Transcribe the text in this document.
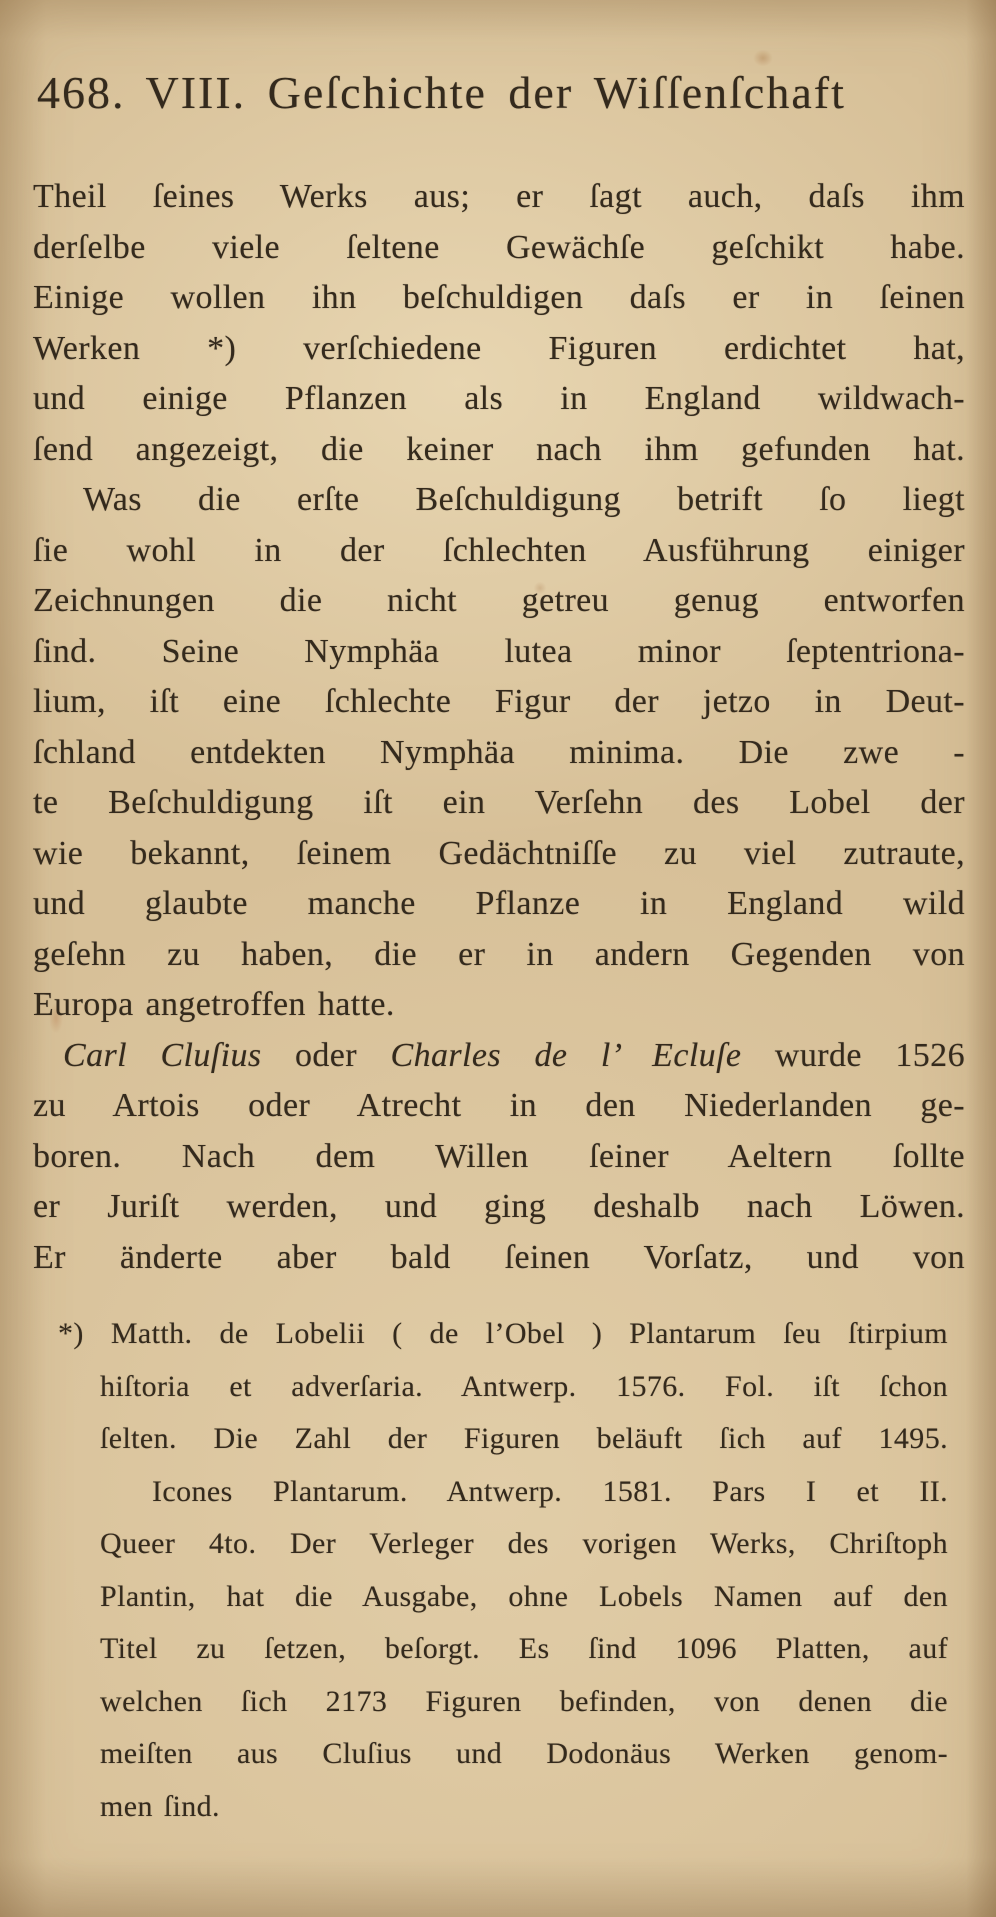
468. VIII. Geſchichte der Wiſſenſchaft
Theil ſeines Werks aus; er ſagt auch, daſs ihm
derſelbe viele ſeltene Gewächſe geſchikt habe.
Einige wollen ihn beſchuldigen daſs er in ſeinen
Werken *) verſchiedene Figuren erdichtet hat,
und einige Pflanzen als in England wildwach-
ſend angezeigt, die keiner nach ihm gefunden hat.
Was die erſte Beſchuldigung betrift ſo liegt
ſie wohl in der ſchlechten Ausführung einiger
Zeichnungen die nicht getreu genug entworfen
ſind. Seine Nymphäa lutea minor ſeptentriona-
lium, iſt eine ſchlechte Figur der jetzo in Deut-
ſchland entdekten Nymphäa minima. Die zwe -
te Beſchuldigung iſt ein Verſehn des Lobel der
wie bekannt, ſeinem Gedächtniſſe zu viel zutraute,
und glaubte manche Pflanze in England wild
geſehn zu haben, die er in andern Gegenden von
Europa angetroffen hatte.
Carl Cluſius oder Charles de l’ Ecluſe wurde 1526
zu Artois oder Atrecht in den Niederlanden ge-
boren. Nach dem Willen ſeiner Aeltern ſollte
er Juriſt werden, und ging deshalb nach Löwen.
Er änderte aber bald ſeinen Vorſatz, und von
*) Matth. de Lobelii ( de l’Obel ) Plantarum ſeu ſtirpium
hiſtoria et adverſaria. Antwerp. 1576. Fol. iſt ſchon
ſelten. Die Zahl der Figuren beläuft ſich auf 1495.
Icones Plantarum. Antwerp. 1581. Pars I et II.
Queer 4to. Der Verleger des vorigen Werks, Chriſtoph
Plantin, hat die Ausgabe, ohne Lobels Namen auf den
Titel zu ſetzen, beſorgt. Es ſind 1096 Platten, auf
welchen ſich 2173 Figuren befinden, von denen die
meiſten aus Cluſius und Dodonäus Werken genom-
men ſind.
